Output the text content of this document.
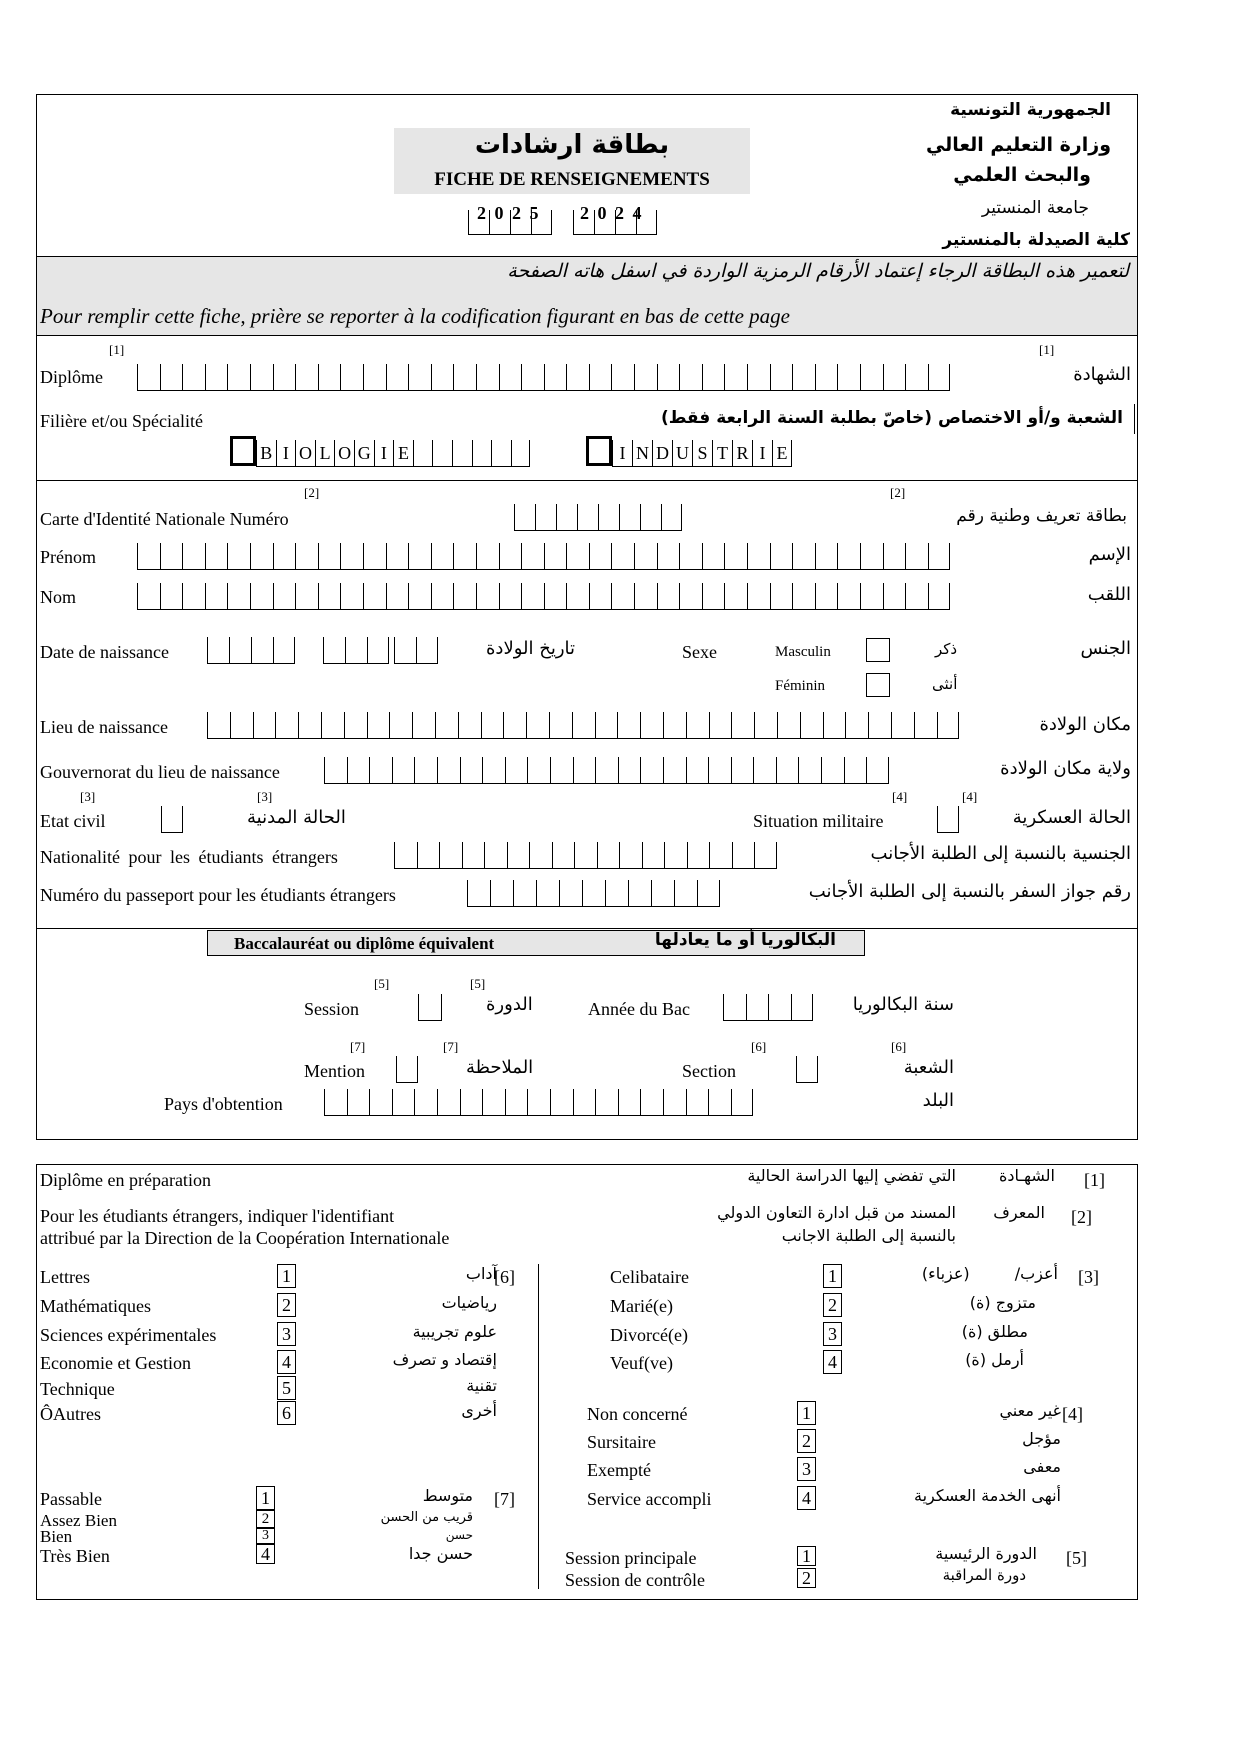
الجمهورية التونسية
وزارة التعليم العالي
والبحث العلمي
جامعة المنستير
كلية الصيدلة بالمنستير
بطاقة ارشادات
FICHE DE RENSEIGNEMENTS
2 0 2 4
2 0 2 5
لتعمير هذه البطاقة الرجاء إعتماد الأرقام الرمزية الواردة في اسفل هاته الصفحة
Pour remplir cette fiche, prière se reporter à la codification figurant en bas de cette page
[1]	[1]
Diplôme	الشهادة
Filière et/ou Spécialité	الشعبة و/أو الاختصاص (خاصّ بطلبة السنة الرابعة فقط)
B I O L O G I E	I N D U S T R I E
[2]	[2]
Carte d'Identité Nationale Numéro	بطاقة تعريف وطنية رقم
Prénom	الإسم
Nom	اللقب
Date de naissance	تاريخ الولادة	Sexe	Masculin	ذكر	الجنس
Féminin	أنثى
Lieu de naissance	مكان الولادة
Gouvernorat du lieu de naissance	ولاية مكان الولادة
[3]	[3]	[4]	[4]
Etat civil	الحالة المدنية	Situation militaire	الحالة العسكرية
Nationalité pour les étudiants étrangers	الجنسية بالنسبة إلى الطلبة الأجانب
Numéro du passeport pour les étudiants étrangers	رقم جواز السفر بالنسبة إلى الطلبة الأجانب
Baccalauréat ou diplôme équivalent	البكالوريا أو ما يعادلها
[5]	[5]
Session	الدورة	Année du Bac	سنة البكالوريا
[7]	[7]	[6]	[6]
Mention	الملاحظة	Section	الشعبة
Pays d'obtention	البلد
Diplôme en préparation	التي تفضي إليها الدراسة الحالية	الشهـادة [1]
Pour les étudiants étrangers, indiquer l'identifiant
attribué par la Direction de la Coopération Internationale
المسند من قبل ادارة التعاون الدولي
بالنسبة إلى الطلبة الاجانب
المعرف [2]
[6]
Lettres	1	آداب
Mathématiques	2	رياضيات
Sciences expérimentales	3	علوم تجريبية
Economie et Gestion	4	إقتصاد و تصرف
Technique	5	تقنية
ÔAutres	6	أخرى
[7]
Passable	1	متوسط
Assez Bien	2	قريب من الحسن
Bien	3	حسن
Très Bien	4	حسن جدا
[3]
Celibataire	1	أعزب/ (عزباء)
Marié(e)	2	متزوج (ة)
Divorcé(e)	3	مطلق (ة)
Veuf(ve)	4	أرمل (ة)
[4]
Non concerné	1	غير معني
Sursitaire	2	مؤجل
Exempté	3	معفى
Service accompli	4	أنهى الخدمة العسكرية
[5]
Session principale	1	الدورة الرئيسية
Session de contrôle	2	دورة المراقبة
